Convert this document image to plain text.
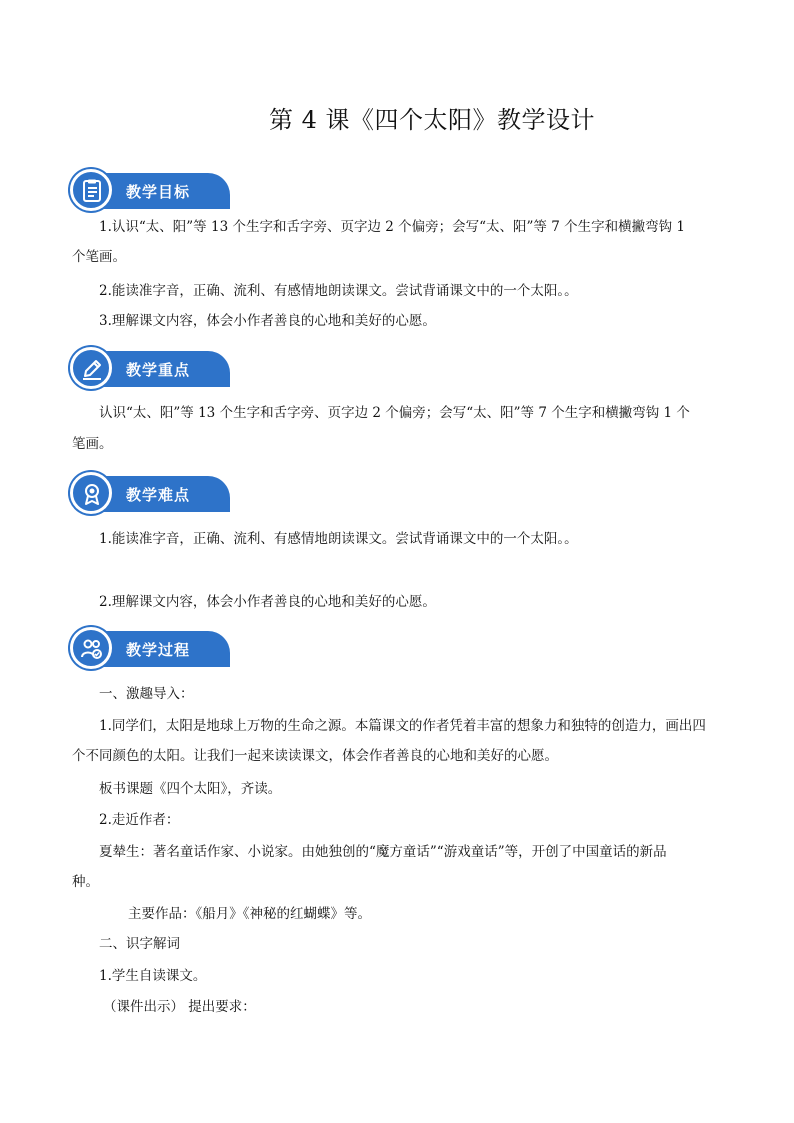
第 4 课《四个太阳》教学设计
教学目标
1.认识“太、阳”等 13 个生字和舌字旁、页字边 2 个偏旁；会写“太、阳”等 7 个生字和横撇弯钩 1
个笔画。
2.能读准字音，正确、流利、有感情地朗读课文。尝试背诵课文中的一个太阳。。
3.理解课文内容，体会小作者善良的心地和美好的心愿。
教学重点
认识“太、阳”等 13 个生字和舌字旁、页字边 2 个偏旁；会写“太、阳”等 7 个生字和横撇弯钩 1 个
笔画。
教学难点
1.能读准字音，正确、流利、有感情地朗读课文。尝试背诵课文中的一个太阳。。
2.理解课文内容，体会小作者善良的心地和美好的心愿。
教学过程
一、激趣导入：
1.同学们，太阳是地球上万物的生命之源。本篇课文的作者凭着丰富的想象力和独特的创造力，画出四
个不同颜色的太阳。让我们一起来读读课文，体会作者善良的心地和美好的心愿。
板书课题《四个太阳》，齐读。
2.走近作者：
夏辇生：著名童话作家、小说家。由她独创的“魔方童话”“游戏童话”等，开创了中国童话的新品
种。
主要作品：《船月》《神秘的红蝴蝶》等。
二、识字解词
1.学生自读课文。
（课件出示） 提出要求：
